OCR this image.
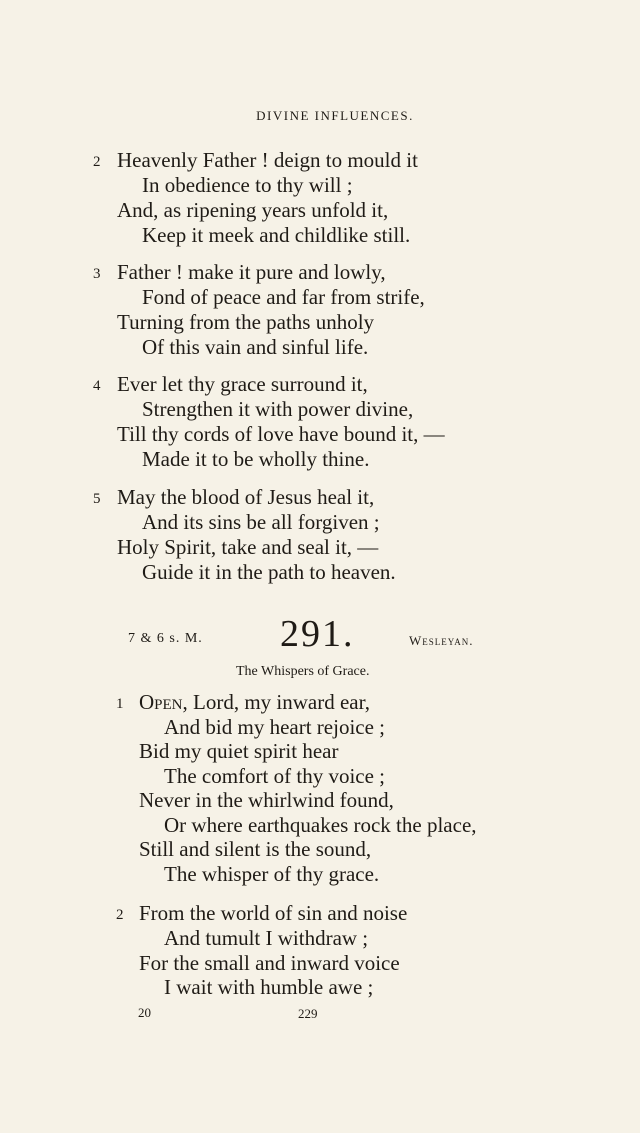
DIVINE INFLUENCES.
2 Heavenly Father ! deign to mould it
In obedience to thy will ;
And, as ripening years unfold it,
Keep it meek and childlike still.
3 Father ! make it pure and lowly,
Fond of peace and far from strife,
Turning from the paths unholy
Of this vain and sinful life.
4 Ever let thy grace surround it,
Strengthen it with power divine,
Till thy cords of love have bound it, —
Made it to be wholly thine.
5 May the blood of Jesus heal it,
And its sins be all forgiven ;
Holy Spirit, take and seal it, —
Guide it in the path to heaven.
7 & 6 s. M. 291.	Wesleyan.
The Whispers of Grace.
1 Open, Lord, my inward ear,
And bid my heart rejoice ;
Bid my quiet spirit hear
The comfort of thy voice ;
Never in the whirlwind found,
Or where earthquakes rock the place,
Still and silent is the sound,
The whisper of thy grace.
2 From the world of sin and noise
And tumult I withdraw ;
For the small and inward voice
I wait with humble awe ;
20	229
